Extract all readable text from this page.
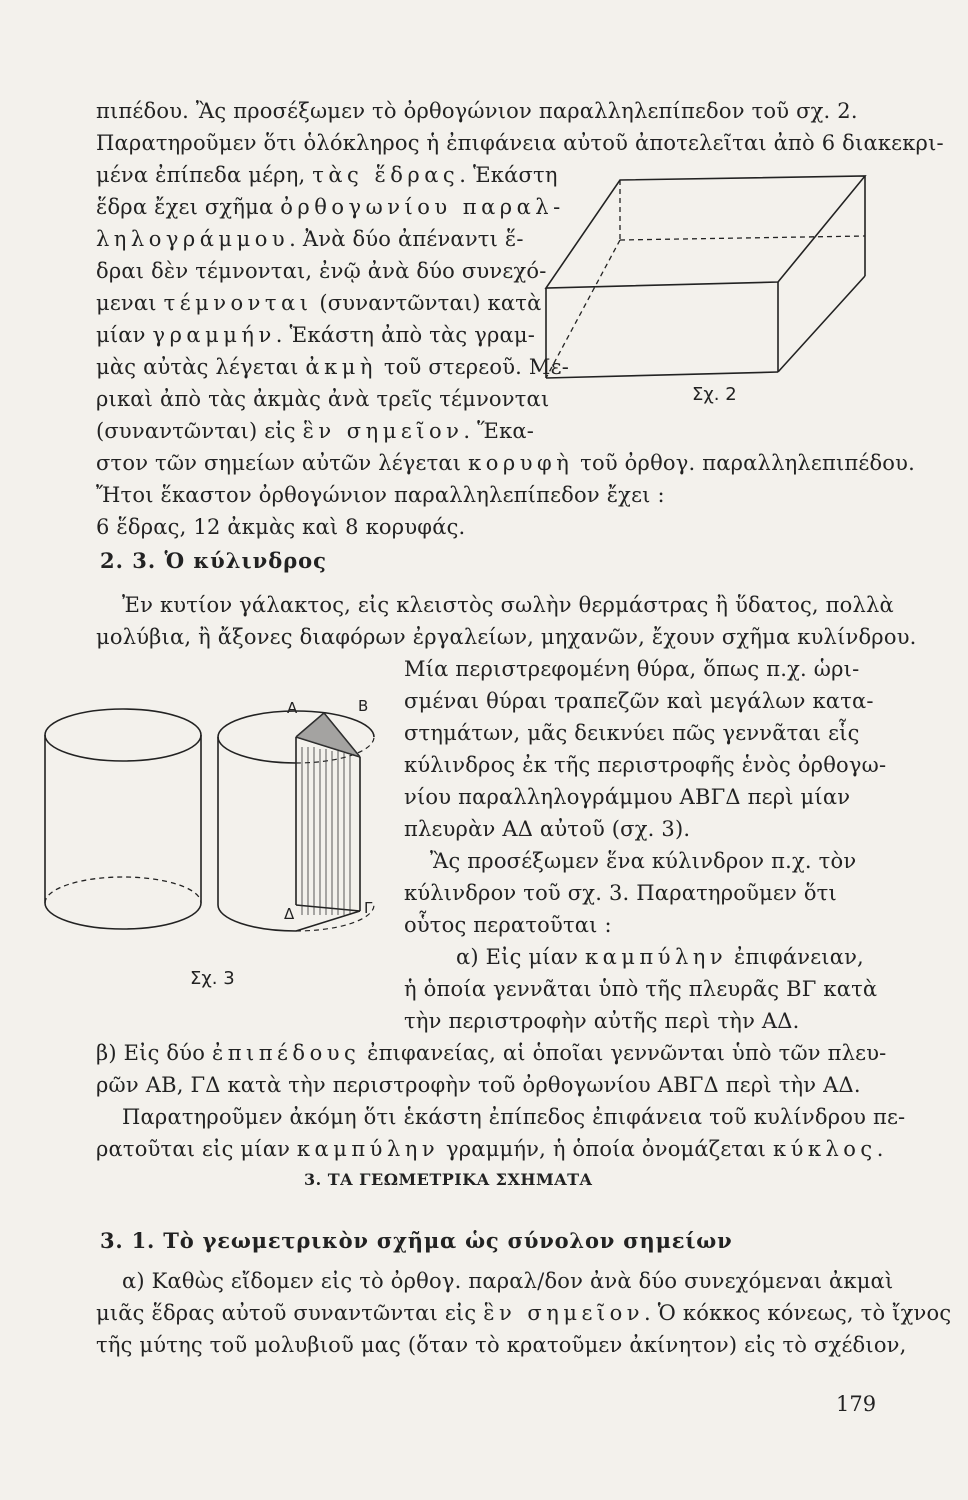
πιπέδου. Ἂς προσέξωμεν τὸ ὀρθογώνιον παραλληλεπίπεδον τοῦ σχ. 2.
Παρατηροῦμεν ὅτι ὁλόκληρος ἡ ἐπιφάνεια αὐτοῦ ἀποτελεῖται ἀπὸ 6 διακεκρι-
μένα ἐπίπεδα μέρη, τὰς ἕδρας. Ἑκάστη
ἕδρα ἔχει σχῆμα ὀρθογωνίου παραλ-
ληλογράμμου. Ἀνὰ δύο ἀπέναντι ἕ-
δραι δὲν τέμνονται, ἐνῷ ἀνὰ δύο συνεχό-
μεναι τέμνονται (συναντῶνται) κατὰ
μίαν γραμμήν. Ἑκάστη ἀπὸ τὰς γραμ-
μὰς αὐτὰς λέγεται ἀκμὴ τοῦ στερεοῦ. Με-
ρικαὶ ἀπὸ τὰς ἀκμὰς ἀνὰ τρεῖς τέμνονται
(συναντῶνται) εἰς ἓν σημεῖον. Ἕκα-
στον τῶν σημείων αὐτῶν λέγεται κορυφὴ τοῦ ὀρθογ. παραλληλεπιπέδου.
Ἤτοι ἕκαστον ὀρθογώνιον παραλληλεπίπεδον ἔχει :
6 ἕδρας, 12 ἀκμὰς καὶ 8 κορυφάς.
Σχ. 2
2. 3. Ὁ κύλινδρος
Ἐν κυτίον γάλακτος, εἰς κλειστὸς σωλὴν θερμάστρας ἢ ὕδατος, πολλὰ
μολύβια, ἢ ἄξονες διαφόρων ἐργαλείων, μηχανῶν, ἔχουν σχῆμα κυλίνδρου.
Μία περιστρεφομένη θύρα, ὅπως π.χ. ὡρι-
σμέναι θύραι τραπεζῶν καὶ μεγάλων κατα-
στημάτων, μᾶς δεικνύει πῶς γεννᾶται εἷς
κύλινδρος ἐκ τῆς περιστροφῆς ἑνὸς ὀρθογω-
νίου παραλληλογράμμου ΑΒΓΔ περὶ μίαν
πλευρὰν ΑΔ αὐτοῦ (σχ. 3).
Ἂς προσέξωμεν ἕνα κύλινδρον π.χ. τὸν
κύλινδρον τοῦ σχ. 3. Παρατηροῦμεν ὅτι
οὗτος περατοῦται :
α) Εἰς μίαν καμπύλην ἐπιφάνειαν,
ἡ ὁποία γεννᾶται ὑπὸ τῆς πλευρᾶς ΒΓ κατὰ
τὴν περιστροφὴν αὐτῆς περὶ τὴν ΑΔ.
β) Εἰς δύο ἐπιπέδους ἐπιφανείας, αἱ ὁποῖαι γεννῶνται ὑπὸ τῶν πλευ-
ρῶν ΑΒ, ΓΔ κατὰ τὴν περιστροφὴν τοῦ ὀρθογωνίου ΑΒΓΔ περὶ τὴν ΑΔ.
Παρατηροῦμεν ἀκόμη ὅτι ἑκάστη ἐπίπεδος ἐπιφάνεια τοῦ κυλίνδρου πε-
ρατοῦται εἰς μίαν καμπύλην γραμμήν, ἡ ὁποία ὀνομάζεται κύκλος.
Α	Β
Γ
Δ
Σχ. 3
3. ΤΑ ΓΕΩΜΕΤΡΙΚΑ ΣΧΗΜΑΤΑ
3. 1. Τὸ γεωμετρικὸν σχῆμα ὡς σύνολον σημείων
α) Καθὼς εἴδομεν εἰς τὸ ὀρθογ. παραλ/δον ἀνὰ δύο συνεχόμεναι ἀκμαὶ
μιᾶς ἕδρας αὐτοῦ συναντῶνται εἰς ἓν σημεῖον. Ὁ κόκκος κόνεως, τὸ ἴχνος
τῆς μύτης τοῦ μολυβιοῦ μας (ὅταν τὸ κρατοῦμεν ἀκίνητον) εἰς τὸ σχέδιον,
179
